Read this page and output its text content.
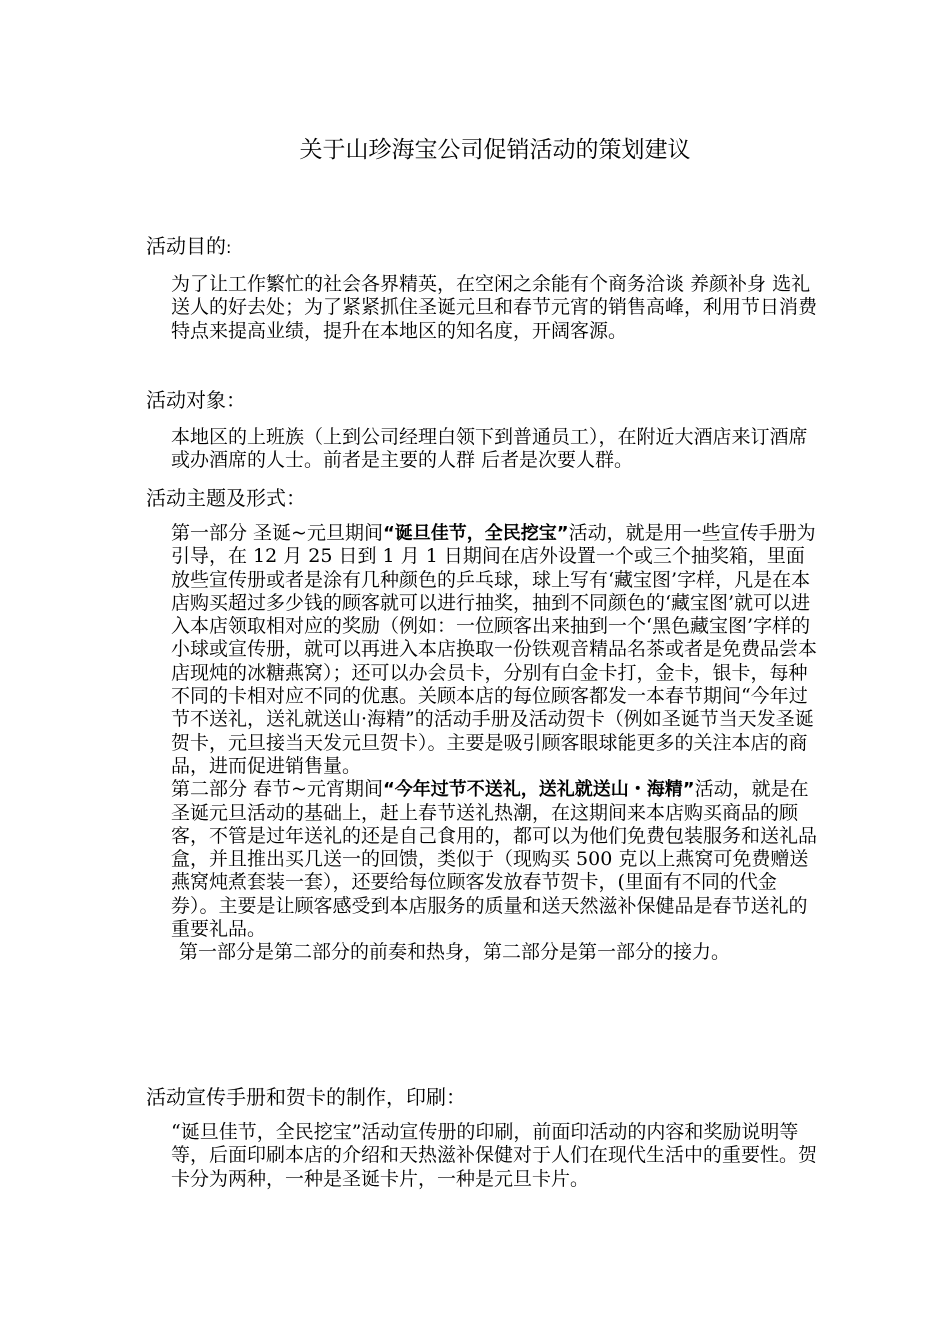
关于山珍海宝公司促销活动的策划建议
活动目的:

为了让工作繁忙的社会各界精英，在空闲之余能有个商务洽谈 养颜补身 选礼送人的好去处；为了紧紧抓住圣诞元旦和春节元宵的销售高峰，利用节日消费特点来提高业绩，提升在本地区的知名度，开阔客源。

活动对象：

本地区的上班族（上到公司经理白领下到普通员工），在附近大酒店来订酒席或办酒席的人士。前者是主要的人群 后者是次要人群。

活动主题及形式：

第一部分 圣诞~元旦期间“诞旦佳节，全民挖宝”活动，就是用一些宣传手册为引导，在 12 月 25 日到 1 月 1 日期间在店外设置一个或三个抽奖箱，里面放些宣传册或者是涂有几种颜色的乒乓球，球上写有‘藏宝图’字样，凡是在本店购买超过多少钱的顾客就可以进行抽奖，抽到不同颜色的‘藏宝图’就可以进入本店领取相对应的奖励（例如：一位顾客出来抽到一个‘黑色藏宝图’字样的小球或宣传册，就可以再进入本店换取一份铁观音精品名茶或者是免费品尝本店现炖的冰糖燕窝）；还可以办会员卡，分别有白金卡打，金卡，银卡，每种不同的卡相对应不同的优惠。关顾本店的每位顾客都发一本春节期间“今年过节不送礼，送礼就送山·海精”的活动手册及活动贺卡（例如圣诞节当天发圣诞贺卡，元旦接当天发元旦贺卡）。主要是吸引顾客眼球能更多的关注本店的商品，进而促进销售量。

第二部分 春节~元宵期间“今年过节不送礼，送礼就送山・海精”活动，就是在圣诞元旦活动的基础上，赶上春节送礼热潮，在这期间来本店购买商品的顾客，不管是过年送礼的还是自己食用的，都可以为他们免费包装服务和送礼品盒，并且推出买几送一的回馈，类似于（现购买 500 克以上燕窝可免费赠送燕窝炖煮套装一套），还要给每位顾客发放春节贺卡，(里面有不同的代金券）。主要是让顾客感受到本店服务的质量和送天然滋补保健品是春节送礼的重要礼品。

第一部分是第二部分的前奏和热身，第二部分是第一部分的接力。

活动宣传手册和贺卡的制作，印刷：

“诞旦佳节，全民挖宝”活动宣传册的印刷，前面印活动的内容和奖励说明等等，后面印刷本店的介绍和天热滋补保健对于人们在现代生活中的重要性。贺卡分为两种，一种是圣诞卡片，一种是元旦卡片。
